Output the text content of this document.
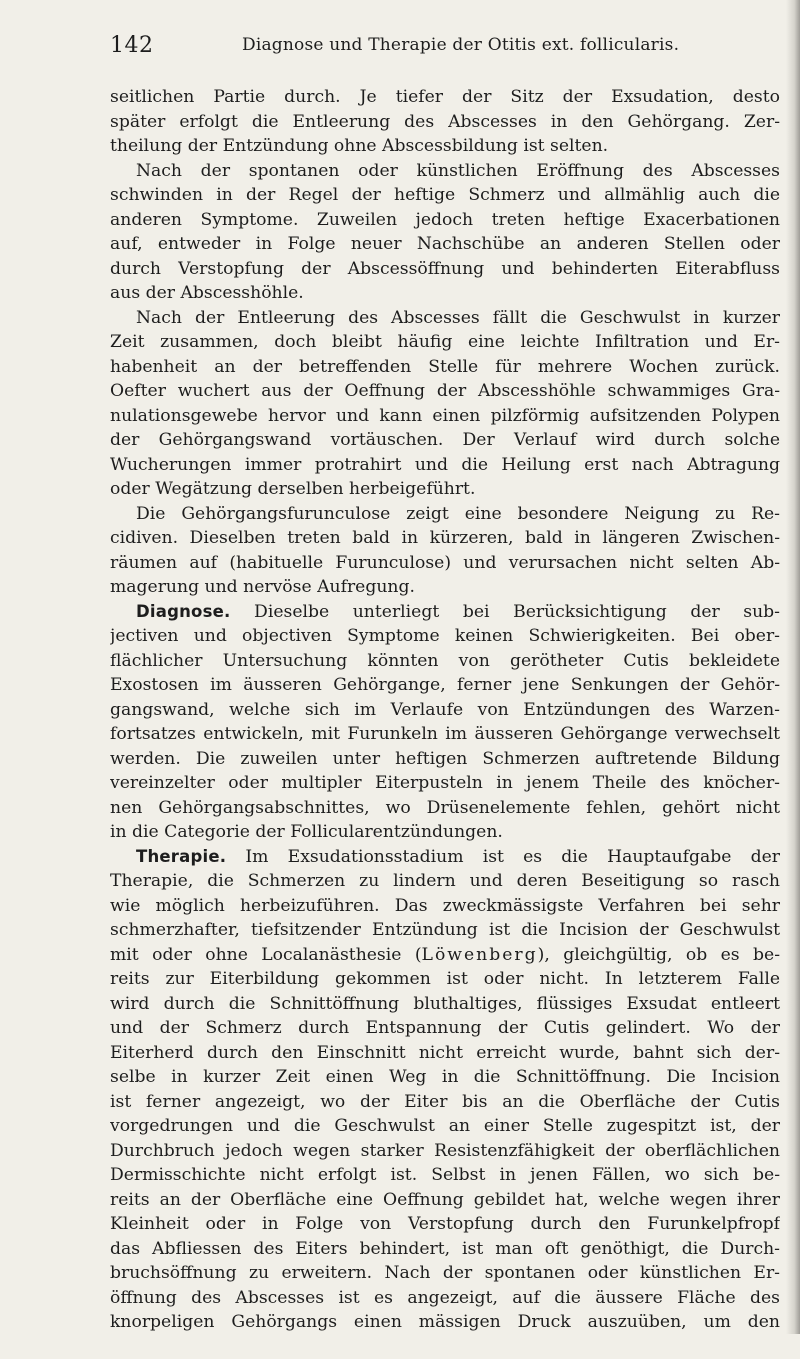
142	Diagnose und Therapie der Otitis ext. follicularis.
seitlichen Partie durch. Je tiefer der Sitz der Exsudation, desto
später erfolgt die Entleerung des Abscesses in den Gehörgang. Zer-
theilung der Entzündung ohne Abscessbildung ist selten.
Nach der spontanen oder künstlichen Eröffnung des Abscesses
schwinden in der Regel der heftige Schmerz und allmählig auch die
anderen Symptome. Zuweilen jedoch treten heftige Exacerbationen
auf, entweder in Folge neuer Nachschübe an anderen Stellen oder
durch Verstopfung der Abscessöffnung und behinderten Eiterabfluss
aus der Abscesshöhle.
Nach der Entleerung des Abscesses fällt die Geschwulst in kurzer
Zeit zusammen, doch bleibt häufig eine leichte Infiltration und Er-
habenheit an der betreffenden Stelle für mehrere Wochen zurück.
Oefter wuchert aus der Oeffnung der Abscesshöhle schwammiges Gra-
nulationsgewebe hervor und kann einen pilzförmig aufsitzenden Polypen
der Gehörgangswand vortäuschen. Der Verlauf wird durch solche
Wucherungen immer protrahirt und die Heilung erst nach Abtragung
oder Wegätzung derselben herbeigeführt.
Die Gehörgangsfurunculose zeigt eine besondere Neigung zu Re-
cidiven. Dieselben treten bald in kürzeren, bald in längeren Zwischen-
räumen auf (habituelle Furunculose) und verursachen nicht selten Ab-
magerung und nervöse Aufregung.
Diagnose. Dieselbe unterliegt bei Berücksichtigung der sub-
jectiven und objectiven Symptome keinen Schwierigkeiten. Bei ober-
flächlicher Untersuchung könnten von gerötheter Cutis bekleidete
Exostosen im äusseren Gehörgange, ferner jene Senkungen der Gehör-
gangswand, welche sich im Verlaufe von Entzündungen des Warzen-
fortsatzes entwickeln, mit Furunkeln im äusseren Gehörgange verwechselt
werden. Die zuweilen unter heftigen Schmerzen auftretende Bildung
vereinzelter oder multipler Eiterpusteln in jenem Theile des knöcher-
nen Gehörgangsabschnittes, wo Drüsenelemente fehlen, gehört nicht
in die Categorie der Follicularentzündungen.
Therapie. Im Exsudationsstadium ist es die Hauptaufgabe der
Therapie, die Schmerzen zu lindern und deren Beseitigung so rasch
wie möglich herbeizuführen. Das zweckmässigste Verfahren bei sehr
schmerzhafter, tiefsitzender Entzündung ist die Incision der Geschwulst
mit oder ohne Localanästhesie (Löwenberg), gleichgültig, ob es be-
reits zur Eiterbildung gekommen ist oder nicht. In letzterem Falle
wird durch die Schnittöffnung bluthaltiges, flüssiges Exsudat entleert
und der Schmerz durch Entspannung der Cutis gelindert. Wo der
Eiterherd durch den Einschnitt nicht erreicht wurde, bahnt sich der-
selbe in kurzer Zeit einen Weg in die Schnittöffnung. Die Incision
ist ferner angezeigt, wo der Eiter bis an die Oberfläche der Cutis
vorgedrungen und die Geschwulst an einer Stelle zugespitzt ist, der
Durchbruch jedoch wegen starker Resistenzfähigkeit der oberflächlichen
Dermisschichte nicht erfolgt ist. Selbst in jenen Fällen, wo sich be-
reits an der Oberfläche eine Oeffnung gebildet hat, welche wegen ihrer
Kleinheit oder in Folge von Verstopfung durch den Furunkelpfropf
das Abfliessen des Eiters behindert, ist man oft genöthigt, die Durch-
bruchsöffnung zu erweitern. Nach der spontanen oder künstlichen Er-
öffnung des Abscesses ist es angezeigt, auf die äussere Fläche des
knorpeligen Gehörgangs einen mässigen Druck auszuüben, um den
